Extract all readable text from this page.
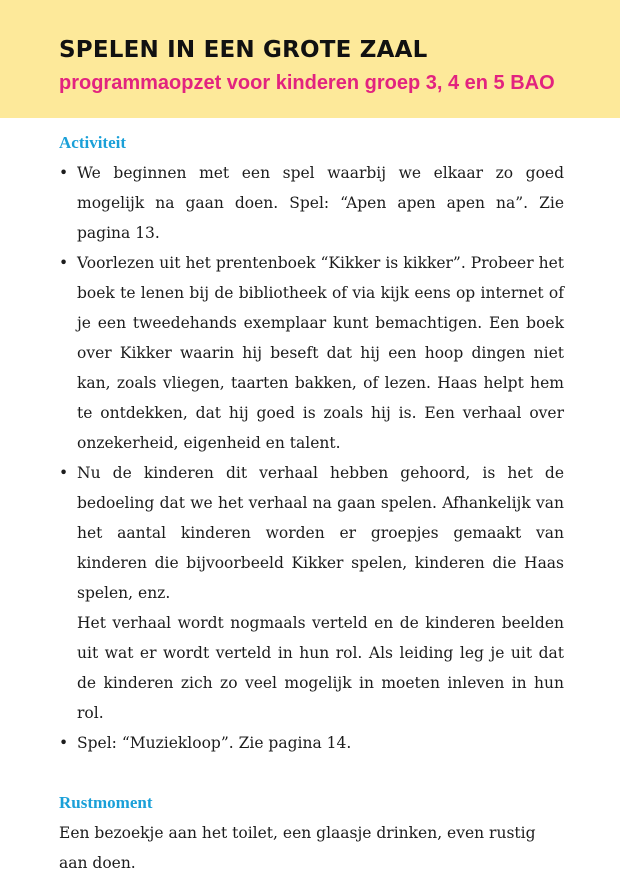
SPELEN IN EEN GROTE ZAAL
programmaopzet voor kinderen groep 3, 4 en 5 BAO
Activiteit
• We beginnen met een spel waarbij we elkaar zo goed mogelijk na gaan doen. Spel: “Apen apen apen na”. Zie pagina 13.
• Voorlezen uit het prentenboek “Kikker is kikker”. Probeer het boek te lenen bij de bibliotheek of via kijk eens op internet of je een tweedehands exemplaar kunt bemachtigen. Een boek over Kikker waarin hij beseft dat hij een hoop dingen niet kan, zoals vliegen, taarten bakken, of lezen. Haas helpt hem te ontdekken, dat hij goed is zoals hij is. Een verhaal over onzekerheid, eigenheid en talent.
• Nu de kinderen dit verhaal hebben gehoord, is het de bedoeling dat we het verhaal na gaan spelen. Afhankelijk van het aantal kinderen worden er groepjes gemaakt van kinderen die bijvoorbeeld Kikker spelen, kinderen die Haas spelen, enz.
Het verhaal wordt nogmaals verteld en de kinderen beelden uit wat er wordt verteld in hun rol. Als leiding leg je uit dat de kinderen zich zo veel mogelijk in moeten inleven in hun rol.
• Spel: “Muziekloop”. Zie pagina 14.
Rustmoment

Een bezoekje aan het toilet, een glaasje drinken, even rustig aan doen.
